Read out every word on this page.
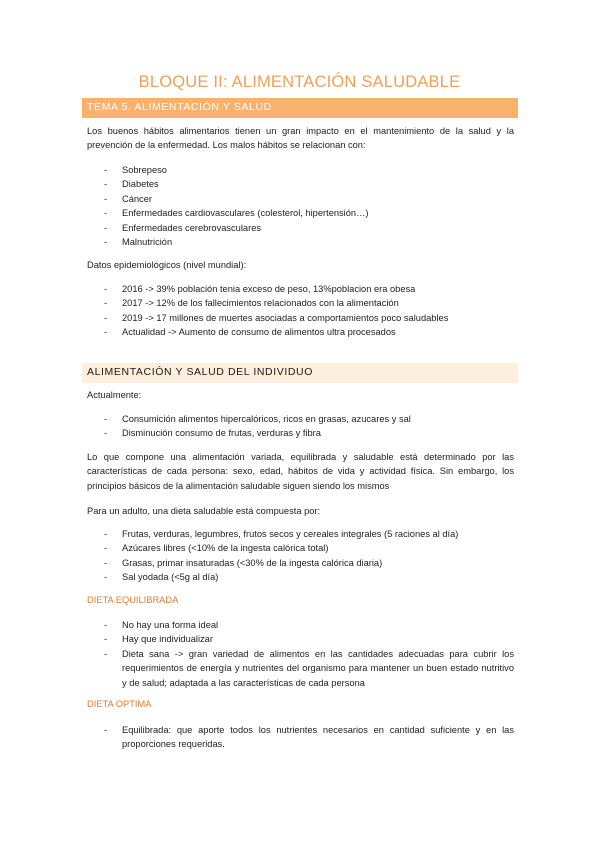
BLOQUE II: ALIMENTACIÓN SALUDABLE
TEMA 5. ALIMENTACIÓN Y SALUD
Los buenos hábitos alimentarios tienen un gran impacto en el mantenimiento de la salud y la prevención de la enfermedad. Los malos hábitos se relacionan con:
- Sobrepeso
- Diabetes
- Cáncer
- Enfermedades cardiovasculares (colesterol, hipertensión…)
- Enfermedades cerebrovasculares
- Malnutrición
Datos epidemiológicos (nivel mundial):
- 2016 -> 39% población tenia exceso de peso, 13%poblacion era obesa
- 2017 -> 12% de los fallecimientos relacionados con la alimentación
- 2019 -> 17 millones de muertes asociadas a comportamientos poco saludables
- Actualidad -> Aumento de consumo de alimentos ultra procesados
ALIMENTACIÓN Y SALUD DEL INDIVIDUO
Actualmente:
- Consumición alimentos hipercalóricos, ricos en grasas, azucares y sal
- Disminución consumo de frutas, verduras y fibra
Lo que compone una alimentación variada, equilibrada y saludable está determinado por las características de cada persona: sexo, edad, hábitos de vida y actividad física. Sin embargo, los principios básicos de la alimentación saludable siguen siendo los mismos
Para un adulto, una dieta saludable está compuesta por:
- Frutas, verduras, legumbres, frutos secos y cereales integrales (5 raciones al día)
- Azúcares libres (<10% de la ingesta calórica total)
- Grasas, primar insaturadas (<30% de la ingesta calórica diaria)
- Sal yodada (<5g al día)
DIETA EQUILIBRADA
- No hay una forma ideal
- Hay que individualizar
- Dieta sana -> gran variedad de alimentos en las cantidades adecuadas para cubrir los requerimientos de energía y nutrientes del organismo para mantener un buen estado nutritivo y de salud; adaptada a las características de cada persona
DIETA OPTIMA
- Equilibrada: que aporte todos los nutrientes necesarios en cantidad suficiente y en las proporciones requeridas.
